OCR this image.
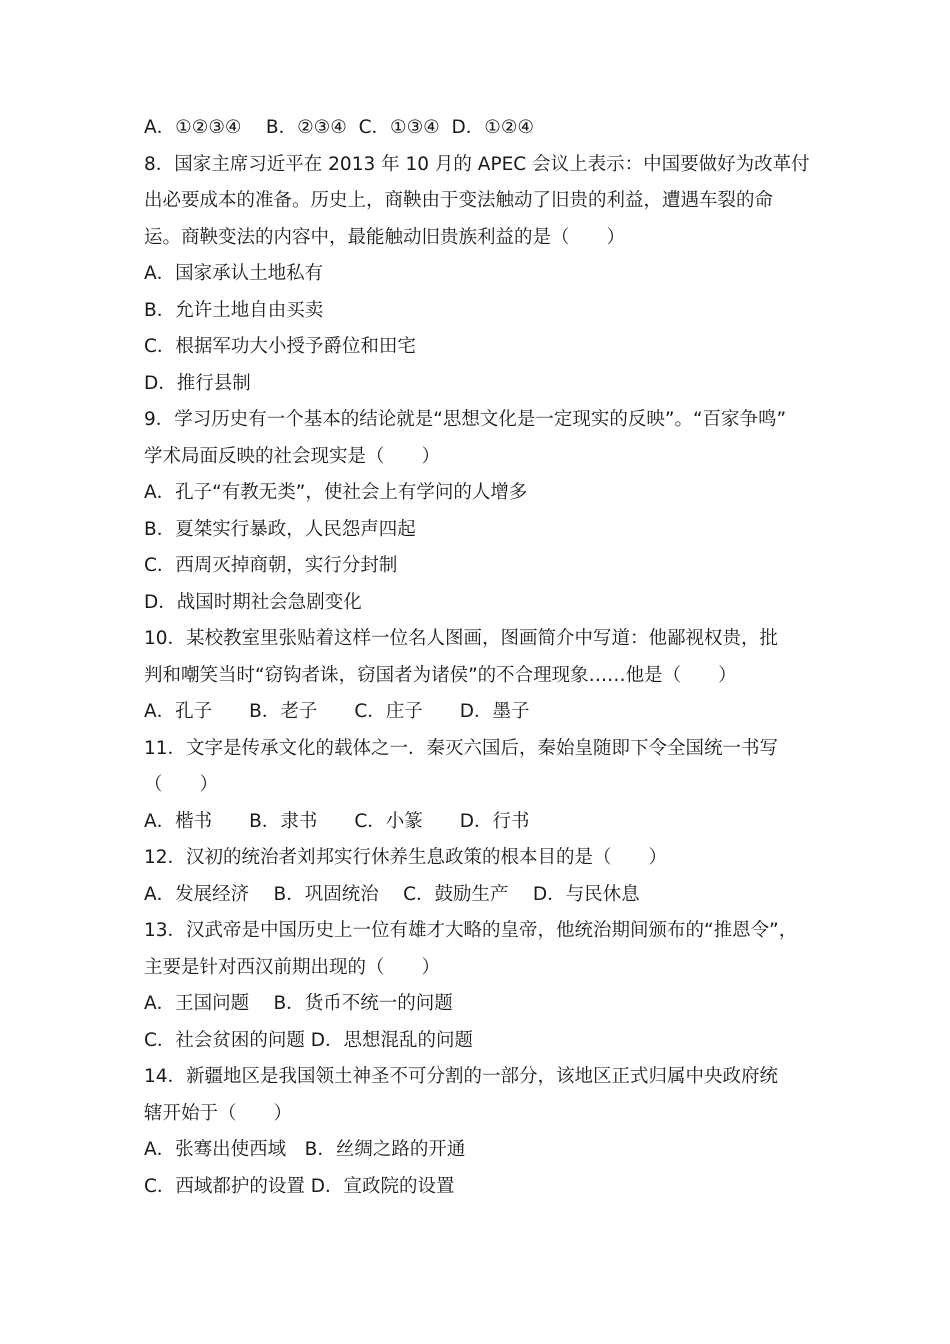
A．①②③④　 B．②③④  C．①③④  D．①②④
8．国家主席习近平在 2013 年 10 月的 APEC 会议上表示：中国要做好为改革付
出必要成本的准备。历史上，商鞅由于变法触动了旧贵的利益，遭遇车裂的命
运。商鞅变法的内容中，最能触动旧贵族利益的是（　　）
A．国家承认土地私有
B．允许土地自由买卖
C．根据军功大小授予爵位和田宅
D．推行县制
9．学习历史有一个基本的结论就是“思想文化是一定现实的反映”。“百家争鸣”
学术局面反映的社会现实是（　　）
A．孔子“有教无类”，使社会上有学问的人增多
B．夏桀实行暴政，人民怨声四起
C．西周灭掉商朝，实行分封制
D．战国时期社会急剧变化
10．某校教室里张贴着这样一位名人图画，图画简介中写道：他鄙视权贵，批
判和嘲笑当时“窃钩者诛，窃国者为诸侯”的不合理现象……他是（　　）
A．孔子　　B．老子　　C．庄子　　D．墨子
11．文字是传承文化的载体之一．秦灭六国后，秦始皇随即下令全国统一书写
（　　）
A．楷书　　B．隶书　　C．小篆　　D．行书
12．汉初的统治者刘邦实行休养生息政策的根本目的是（　　）
A．发展经济　 B．巩固统治　 C．鼓励生产　 D．与民休息
13．汉武帝是中国历史上一位有雄才大略的皇帝，他统治期间颁布的“推恩令”，
主要是针对西汉前期出现的（　　）
A．王国问题　 B．货币不统一的问题
C．社会贫困的问题 D．思想混乱的问题
14．新疆地区是我国领土神圣不可分割的一部分，该地区正式归属中央政府统
辖开始于（　　）
A．张骞出使西域　B．丝绸之路的开通
C．西域都护的设置 D．宣政院的设置
